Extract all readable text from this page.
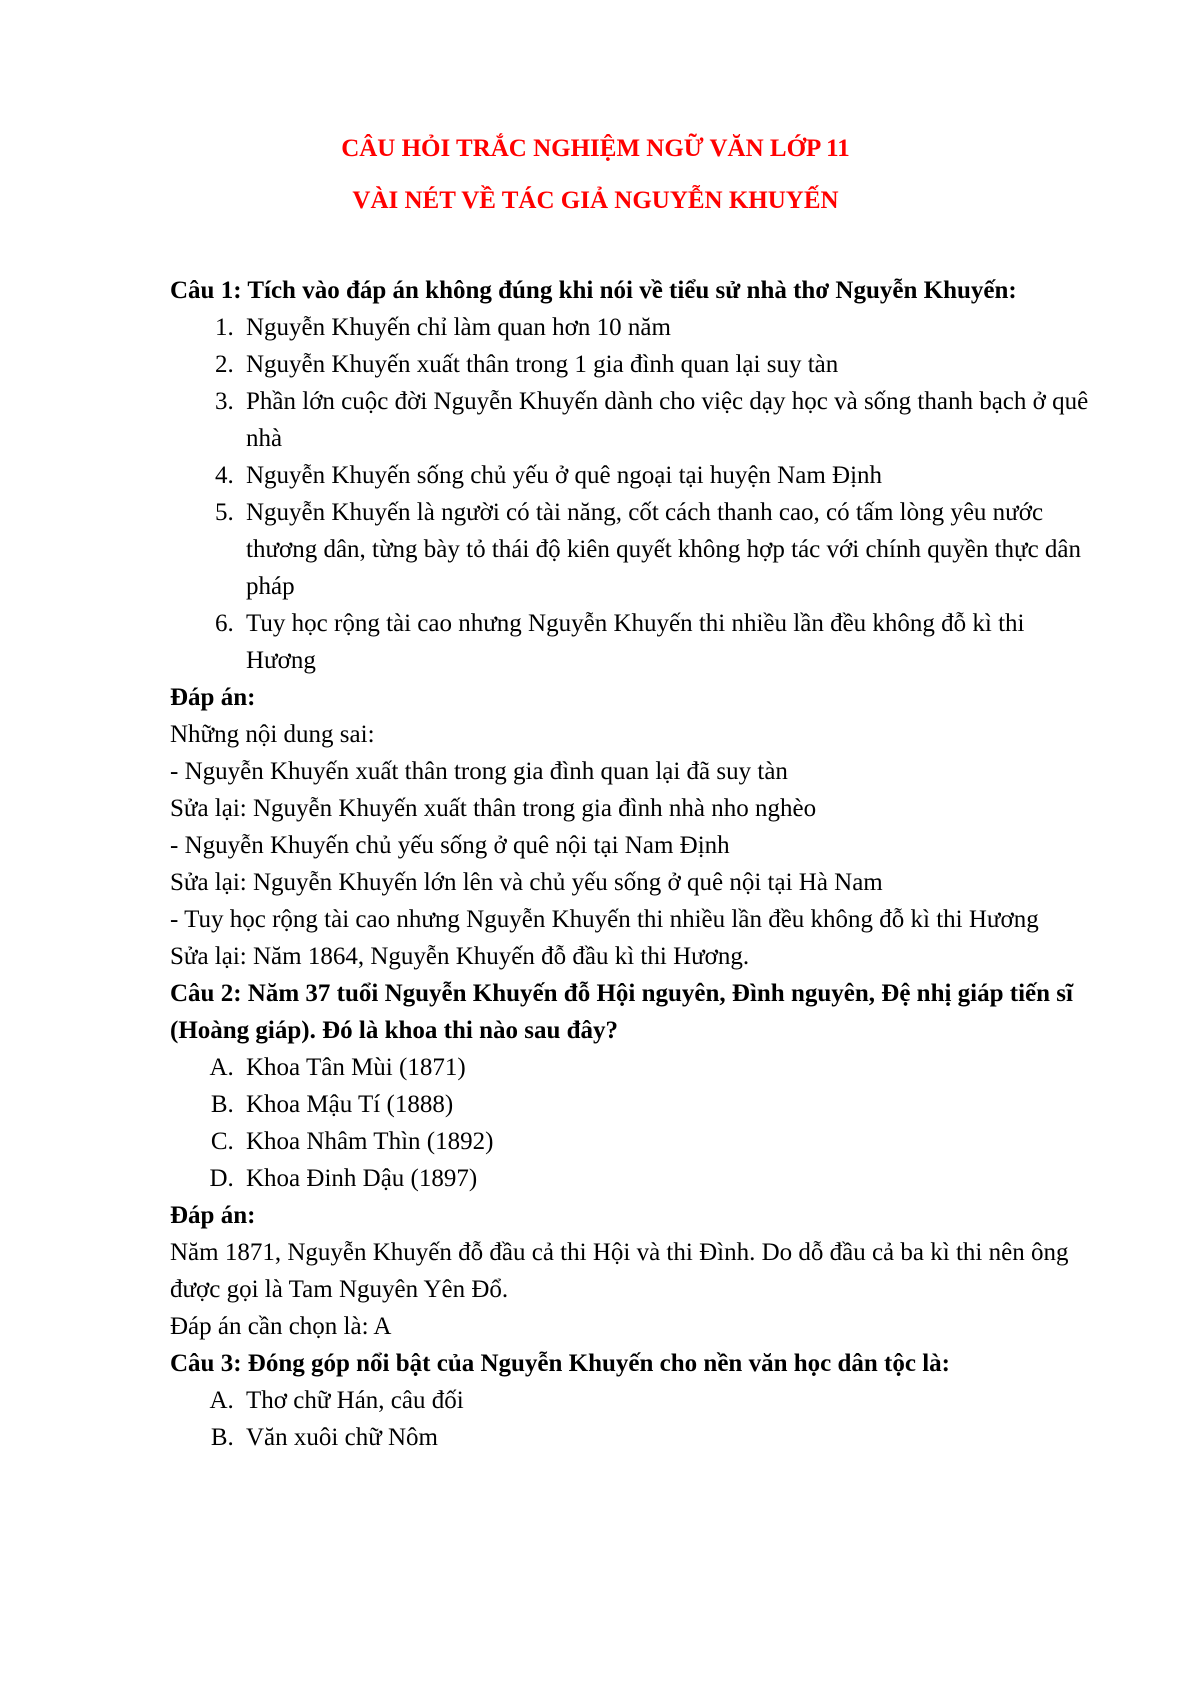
CÂU HỎI TRẮC NGHIỆM NGỮ VĂN LỚP 11
VÀI NÉT VỀ TÁC GIẢ NGUYỄN KHUYẾN
Câu 1: Tích vào đáp án không đúng khi nói về tiểu sử nhà thơ Nguyễn Khuyến:
1. Nguyễn Khuyến chỉ làm quan hơn 10 năm
2. Nguyễn Khuyến xuất thân trong 1 gia đình quan lại suy tàn
3. Phần lớn cuộc đời Nguyễn Khuyến dành cho việc dạy học và sống thanh bạch ở quê nhà
4. Nguyễn Khuyến sống chủ yếu ở quê ngoại tại huyện Nam Định
5. Nguyễn Khuyến là người có tài năng, cốt cách thanh cao, có tấm lòng yêu nước thương dân, từng bày tỏ thái độ kiên quyết không hợp tác với chính quyền thực dân pháp
6. Tuy học rộng tài cao nhưng Nguyễn Khuyến thi nhiều lần đều không đỗ kì thi Hương
Đáp án:
Những nội dung sai:
- Nguyễn Khuyến xuất thân trong gia đình quan lại đã suy tàn
Sửa lại: Nguyễn Khuyến xuất thân trong gia đình nhà nho nghèo
- Nguyễn Khuyến chủ yếu sống ở quê nội tại Nam Định
Sửa lại: Nguyễn Khuyến lớn lên và chủ yếu sống ở quê nội tại Hà Nam
- Tuy học rộng tài cao nhưng Nguyễn Khuyến thi nhiều lần đều không đỗ kì thi Hương
Sửa lại: Năm 1864, Nguyễn Khuyến đỗ đầu kì thi Hương.
Câu 2: Năm 37 tuổi Nguyễn Khuyến đỗ Hội nguyên, Đình nguyên, Đệ nhị giáp tiến sĩ (Hoàng giáp). Đó là khoa thi nào sau đây?
A. Khoa Tân Mùi (1871)
B. Khoa Mậu Tí (1888)
C. Khoa Nhâm Thìn (1892)
D. Khoa Đinh Dậu (1897)
Đáp án:
Năm 1871, Nguyễn Khuyến đỗ đầu cả thi Hội và thi Đình. Do dỗ đầu cả ba kì thi nên ông được gọi là Tam Nguyên Yên Đổ.
Đáp án cần chọn là: A
Câu 3: Đóng góp nổi bật của Nguyễn Khuyến cho nền văn học dân tộc là:
A. Thơ chữ Hán, câu đối
B. Văn xuôi chữ Nôm
